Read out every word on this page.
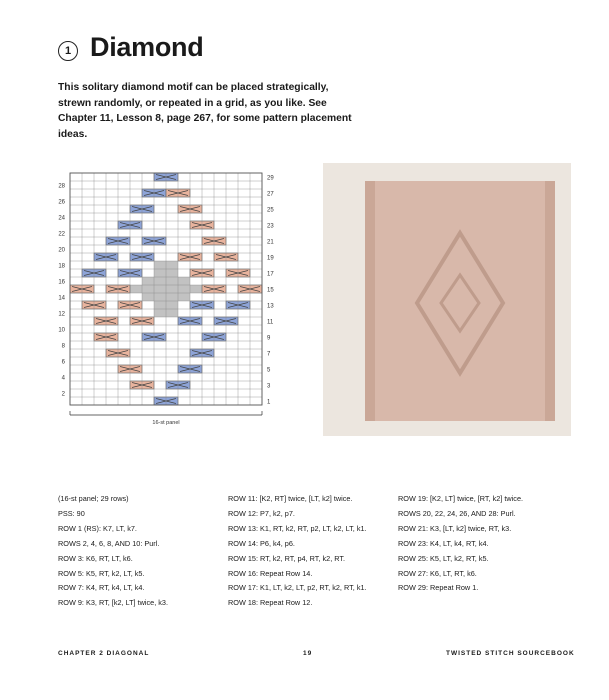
1 Diamond
This solitary diamond motif can be placed strategically, strewn randomly, or repeated in a grid, as you like. See Chapter 11, Lesson 8, page 267, for some pattern placement ideas.
29
27
25
23
21
19
17
15
13
11
9
7
5
3
1
28
26
24
22
20
18
16
14
12
10
8
6
4
2
16-st panel
(16-st panel; 29 rows)
PSS: 90
ROW 1 (RS): K7, LT, k7.
ROWS 2, 4, 6, 8, AND 10: Purl.
ROW 3: K6, RT, LT, k6.
ROW 5: K5, RT, k2, LT, k5.
ROW 7: K4, RT, k4, LT, k4.
ROW 9: K3, RT, [k2, LT] twice, k3.
ROW 11: [K2, RT] twice, [LT, k2] twice.
ROW 12: P7, k2, p7.
ROW 13: K1, RT, k2, RT, p2, LT, k2, LT, k1.
ROW 14: P6, k4, p6.
ROW 15: RT, k2, RT, p4, RT, k2, RT.
ROW 16: Repeat Row 14.
ROW 17: K1, LT, k2, LT, p2, RT, k2, RT, k1.
ROW 18: Repeat Row 12.
ROW 19: [K2, LT] twice, [RT, k2] twice.
ROWS 20, 22, 24, 26, AND 28: Purl.
ROW 21: K3, [LT, k2] twice, RT, k3.
ROW 23: K4, LT, k4, RT, k4.
ROW 25: K5, LT, k2, RT, k5.
ROW 27: K6, LT, RT, k6.
ROW 29: Repeat Row 1.
CHAPTER 2 DIAGONAL	19	TWISTED STITCH SOURCEBOOK
